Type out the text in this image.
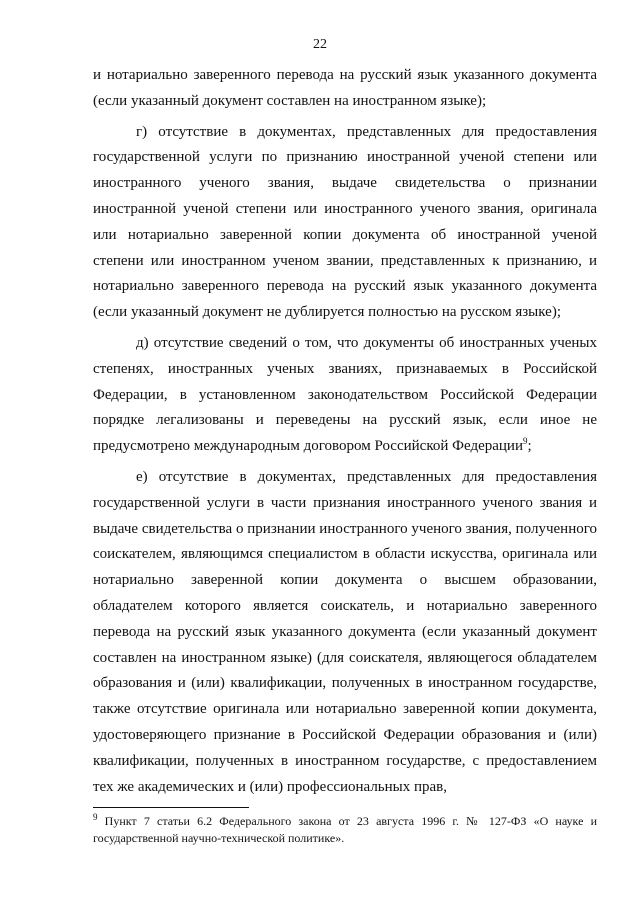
22

и нотариально заверенного перевода на русский язык указанного документа (если указанный документ составлен на иностранном языке);

г) отсутствие в документах, представленных для предоставления государственной услуги по признанию иностранной ученой степени или иностранного ученого звания, выдаче свидетельства о признании иностранной ученой степени или иностранного ученого звания, оригинала или нотариально заверенной копии документа об иностранной ученой степени или иностранном ученом звании, представленных к признанию, и нотариально заверенного перевода на русский язык указанного документа (если указанный документ не дублируется полностью на русском языке);

д) отсутствие сведений о том, что документы об иностранных ученых степенях, иностранных ученых званиях, признаваемых в Российской Федерации, в установленном законодательством Российской Федерации порядке легализованы и переведены на русский язык, если иное не предусмотрено международным договором Российской Федерации$^9$;

е) отсутствие в документах, представленных для предоставления государственной услуги в части признания иностранного ученого звания и выдаче свидетельства о признании иностранного ученого звания, полученного соискателем, являющимся специалистом в области искусства, оригинала или нотариально заверенной копии документа о высшем образовании, обладателем которого является соискатель, и нотариально заверенного перевода на русский язык указанного документа (если указанный документ составлен на иностранном языке) (для соискателя, являющегося обладателем образования и (или) квалификации, полученных в иностранном государстве, также отсутствие оригинала или нотариально заверенной копии документа, удостоверяющего признание в Российской Федерации образования и (или) квалификации, полученных в иностранном государстве, с предоставлением тех же академических и (или) профессиональных прав,

$^9$ Пункт 7 статьи 6.2 Федерального закона от 23 августа 1996 г. № 127-ФЗ «О науке и государственной научно-технической политике».
